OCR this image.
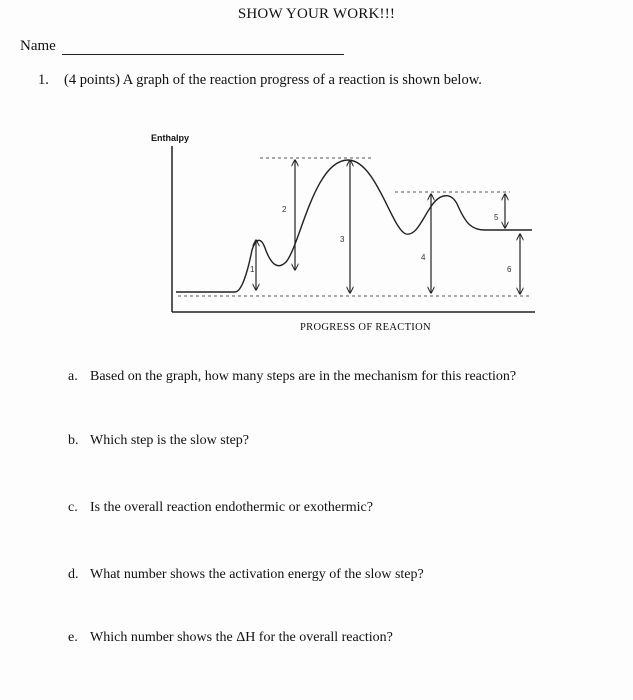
SHOW YOUR WORK!!!
Name
1. (4 points) A graph of the reaction progress of a reaction is shown below.
Enthalpy
1
2
3
4
5
6
PROGRESS OF REACTION
a. Based on the graph, how many steps are in the mechanism for this reaction?
b. Which step is the slow step?
c. Is the overall reaction endothermic or exothermic?
d. What number shows the activation energy of the slow step?
e. Which number shows the ΔH for the overall reaction?
